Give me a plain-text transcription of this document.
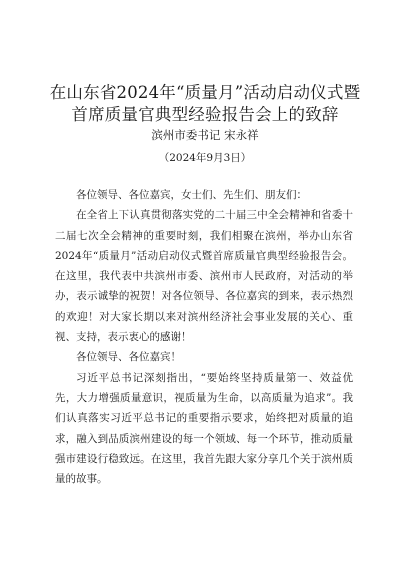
在山东省2024年“质量月”活动启动仪式暨
首席质量官典型经验报告会上的致辞
滨州市委书记 宋永祥
（2024年9月3日）

各位领导、各位嘉宾，女士们、先生们、朋友们：

在全省上下认真贯彻落实党的二十届三中全会精神和省委十二届七次全会精神的重要时刻，我们相聚在滨州，举办山东省2024年“质量月”活动启动仪式暨首席质量官典型经验报告会。在这里，我代表中共滨州市委、滨州市人民政府，对活动的举办，表示诚挚的祝贺！对各位领导、各位嘉宾的到来，表示热烈的欢迎！对大家长期以来对滨州经济社会事业发展的关心、重视、支持，表示衷心的感谢！

各位领导、各位嘉宾！

习近平总书记深刻指出，“要始终坚持质量第一、效益优先，大力增强质量意识，视质量为生命，以高质量为追求”。我们认真落实习近平总书记的重要指示要求，始终把对质量的追求，融入到品质滨州建设的每一个领域、每一个环节，推动质量强市建设行稳致远。在这里，我首先跟大家分享几个关于滨州质量的故事。
